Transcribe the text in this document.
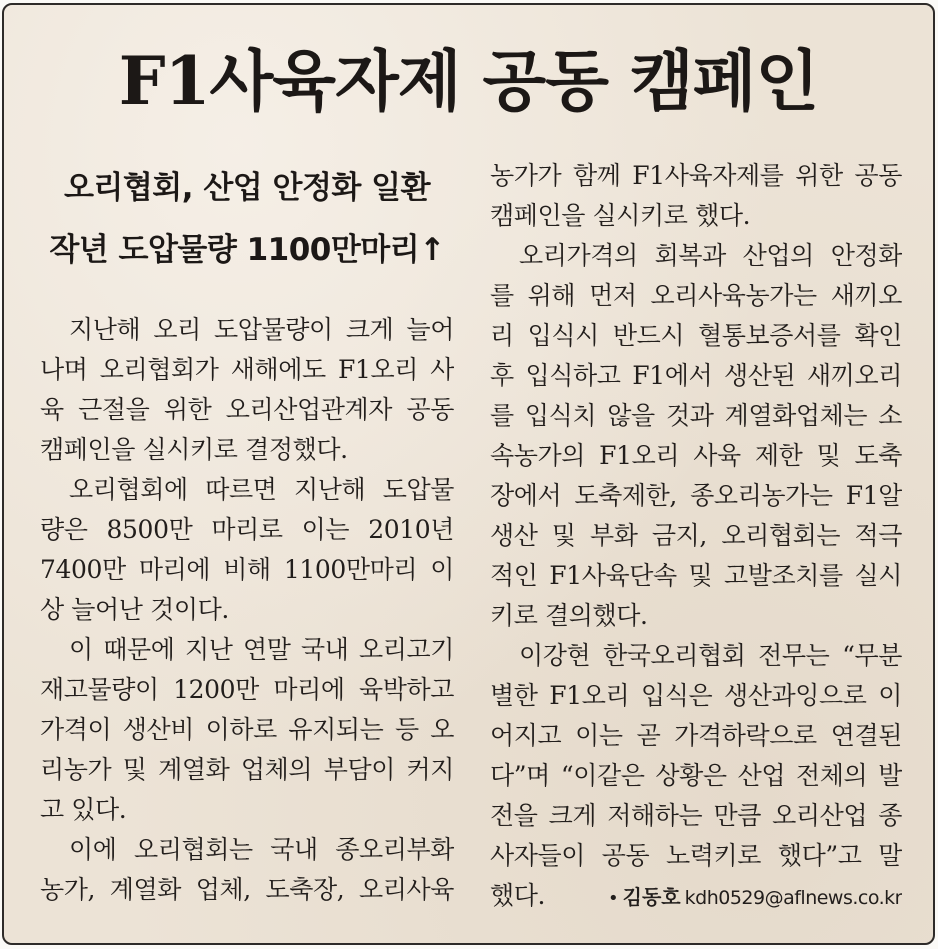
F1사육자제 공동 캠페인
오리협회, 산업 안정화 일환
작년 도압물량 1100만마리↑
지난해 오리 도압물량이 크게 늘어
나며 오리협회가 새해에도 F1오리 사
육 근절을 위한 오리산업관계자 공동
캠페인을 실시키로 결정했다.
오리협회에 따르면 지난해 도압물
량은 8500만 마리로 이는 2010년
7400만 마리에 비해 1100만마리 이
상 늘어난 것이다.
이 때문에 지난 연말 국내 오리고기
재고물량이 1200만 마리에 육박하고
가격이 생산비 이하로 유지되는 등 오
리농가 및 계열화 업체의 부담이 커지
고 있다.
이에 오리협회는 국내 종오리부화
농가, 계열화 업체, 도축장, 오리사육
농가가 함께 F1사육자제를 위한 공동
캠페인을 실시키로 했다.
오리가격의 회복과 산업의 안정화
를 위해 먼저 오리사육농가는 새끼오
리 입식시 반드시 혈통보증서를 확인
후 입식하고 F1에서 생산된 새끼오리
를 입식치 않을 것과 계열화업체는 소
속농가의 F1오리 사육 제한 및 도축
장에서 도축제한, 종오리농가는 F1알
생산 및 부화 금지, 오리협회는 적극
적인 F1사육단속 및 고발조치를 실시
키로 결의했다.
이강현 한국오리협회 전무는 “무분
별한 F1오리 입식은 생산과잉으로 이
어지고 이는 곧 가격하락으로 연결된
다”며 “이같은 상황은 산업 전체의 발
전을 크게 저해하는 만큼 오리산업 종
사자들이 공동 노력키로 했다”고 말
했다.	• 김동호 kdh0529@aflnews.co.kr
